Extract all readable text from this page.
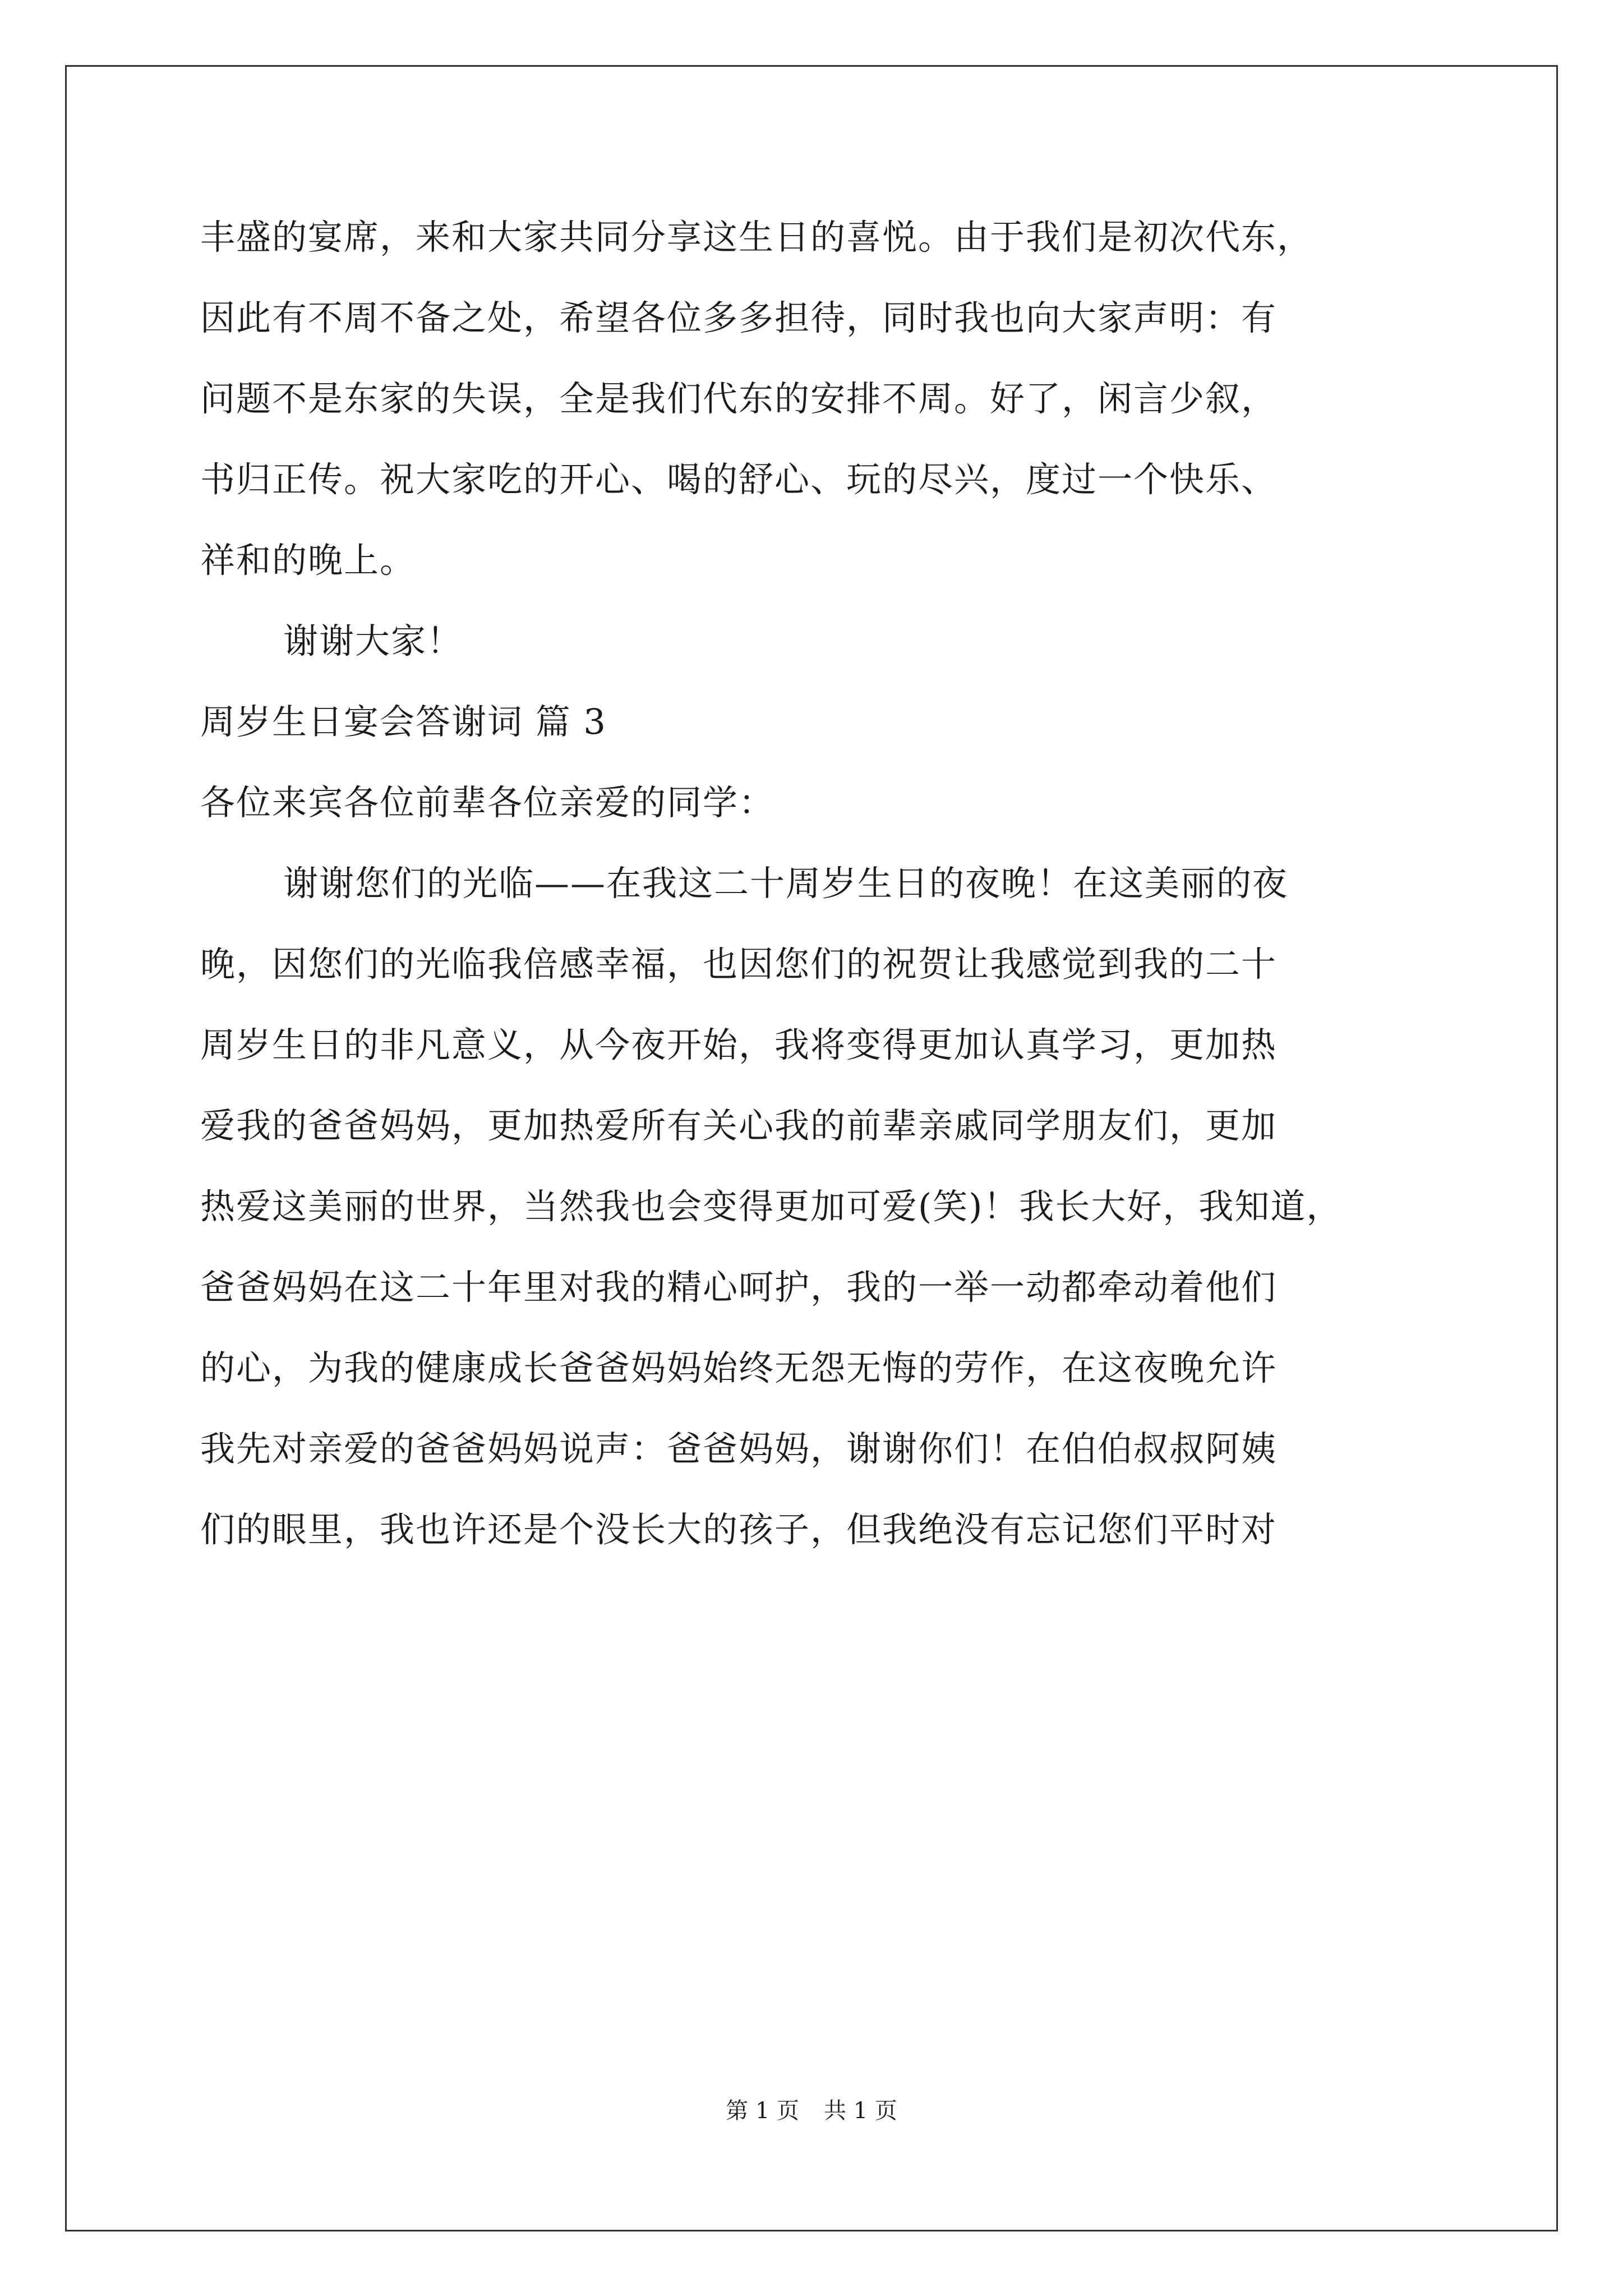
丰盛的宴席，来和大家共同分享这生日的喜悦。由于我们是初次代东，
因此有不周不备之处，希望各位多多担待，同时我也向大家声明：有
问题不是东家的失误，全是我们代东的安排不周。好了，闲言少叙，
书归正传。祝大家吃的开心、喝的舒心、玩的尽兴，度过一个快乐、
祥和的晚上。
谢谢大家！
周岁生日宴会答谢词 篇 3
各位来宾各位前辈各位亲爱的同学：
谢谢您们的光临——在我这二十周岁生日的夜晚！在这美丽的夜
晚，因您们的光临我倍感幸福，也因您们的祝贺让我感觉到我的二十
周岁生日的非凡意义，从今夜开始，我将变得更加认真学习，更加热
爱我的爸爸妈妈，更加热爱所有关心我的前辈亲戚同学朋友们，更加
热爱这美丽的世界，当然我也会变得更加可爱(笑)！我长大好，我知道，
爸爸妈妈在这二十年里对我的精心呵护，我的一举一动都牵动着他们
的心，为我的健康成长爸爸妈妈始终无怨无悔的劳作，在这夜晚允许
我先对亲爱的爸爸妈妈说声：爸爸妈妈，谢谢你们！在伯伯叔叔阿姨
们的眼里，我也许还是个没长大的孩子，但我绝没有忘记您们平时对
第 1 页 共 1 页
